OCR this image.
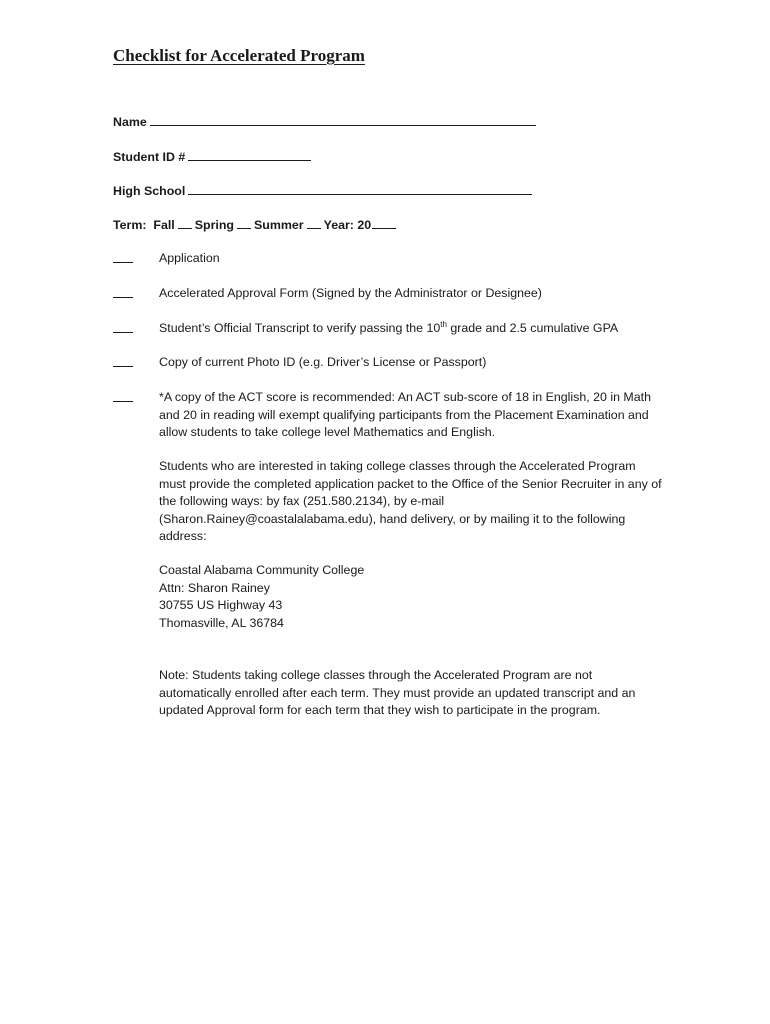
Checklist for Accelerated Program
Name
Student ID #
High School
Term: Fall Spring Summer Year: 20
Application
Accelerated Approval Form (Signed by the Administrator or Designee)
Student’s Official Transcript to verify passing the 10th grade and 2.5 cumulative GPA
Copy of current Photo ID (e.g. Driver’s License or Passport)
*A copy of the ACT score is recommended: An ACT sub-score of 18 in English, 20 in Math and 20 in reading will exempt qualifying participants from the Placement Examination and allow students to take college level Mathematics and English.
Students who are interested in taking college classes through the Accelerated Program must provide the completed application packet to the Office of the Senior Recruiter in any of the following ways: by fax (251.580.2134), by e-mail (Sharon.Rainey@coastalalabama.edu), hand delivery, or by mailing it to the following address:
Coastal Alabama Community College
Attn: Sharon Rainey
30755 US Highway 43
Thomasville, AL 36784
Note: Students taking college classes through the Accelerated Program are not automatically enrolled after each term. They must provide an updated transcript and an updated Approval form for each term that they wish to participate in the program.
